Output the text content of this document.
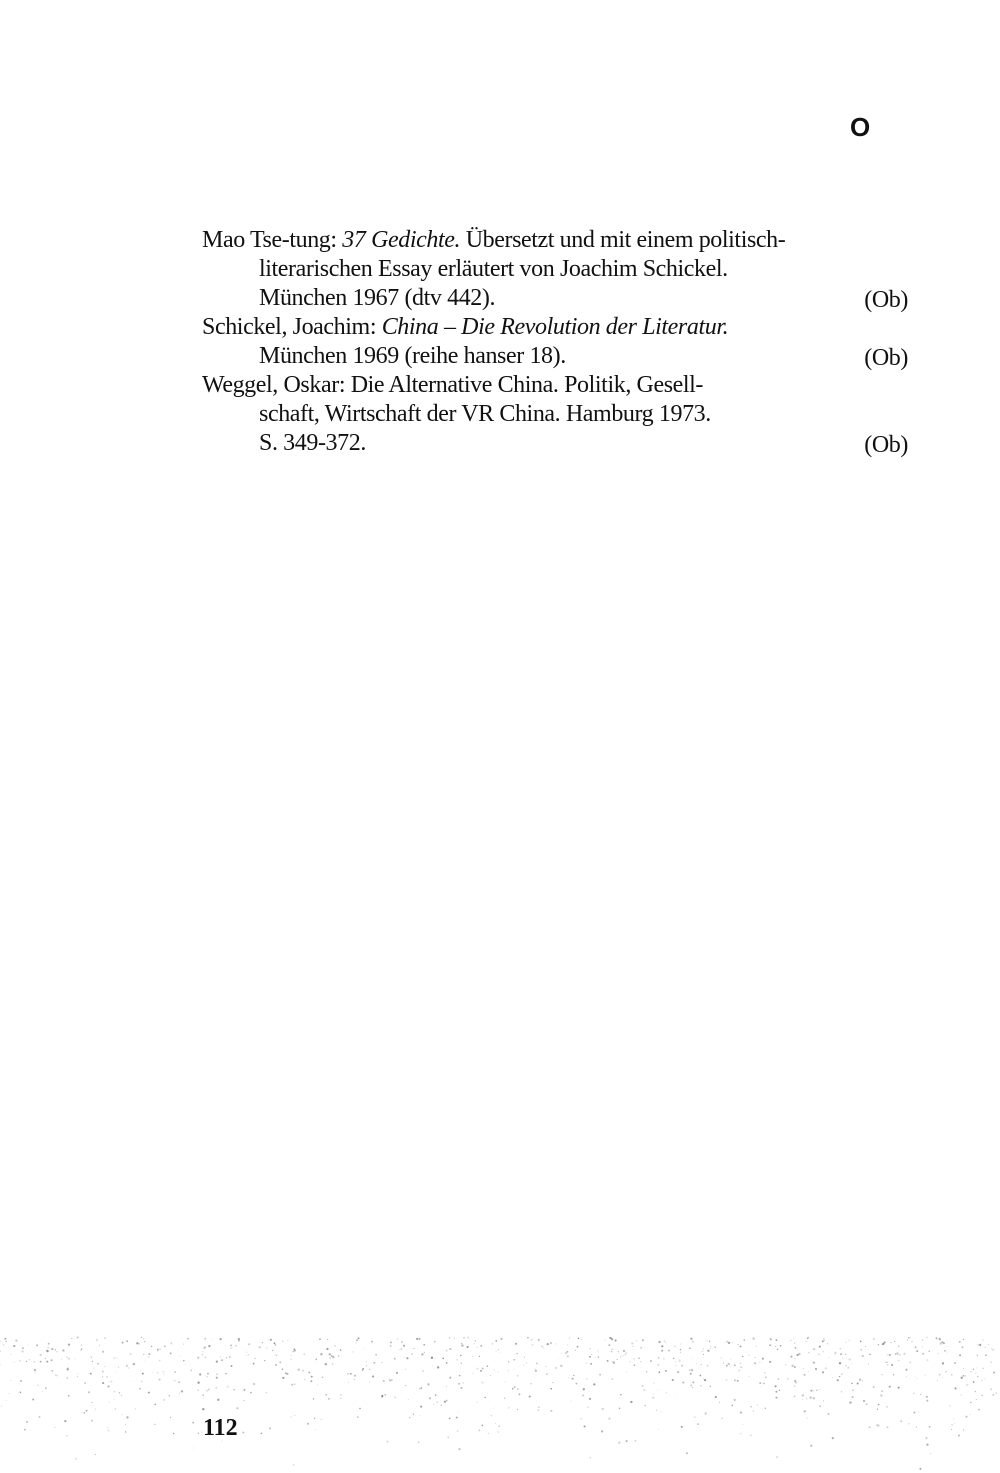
O
Mao Tse-tung: 37 Gedichte. Übersetzt und mit einem politisch-
literarischen Essay erläutert von Joachim Schickel.
München 1967 (dtv 442).	(Ob)
Schickel, Joachim: China – Die Revolution der Literatur.
München 1969 (reihe hanser 18).	(Ob)
Weggel, Oskar: Die Alternative China. Politik, Gesell-
schaft, Wirtschaft der VR China. Hamburg 1973.
S. 349-372.	(Ob)
112
